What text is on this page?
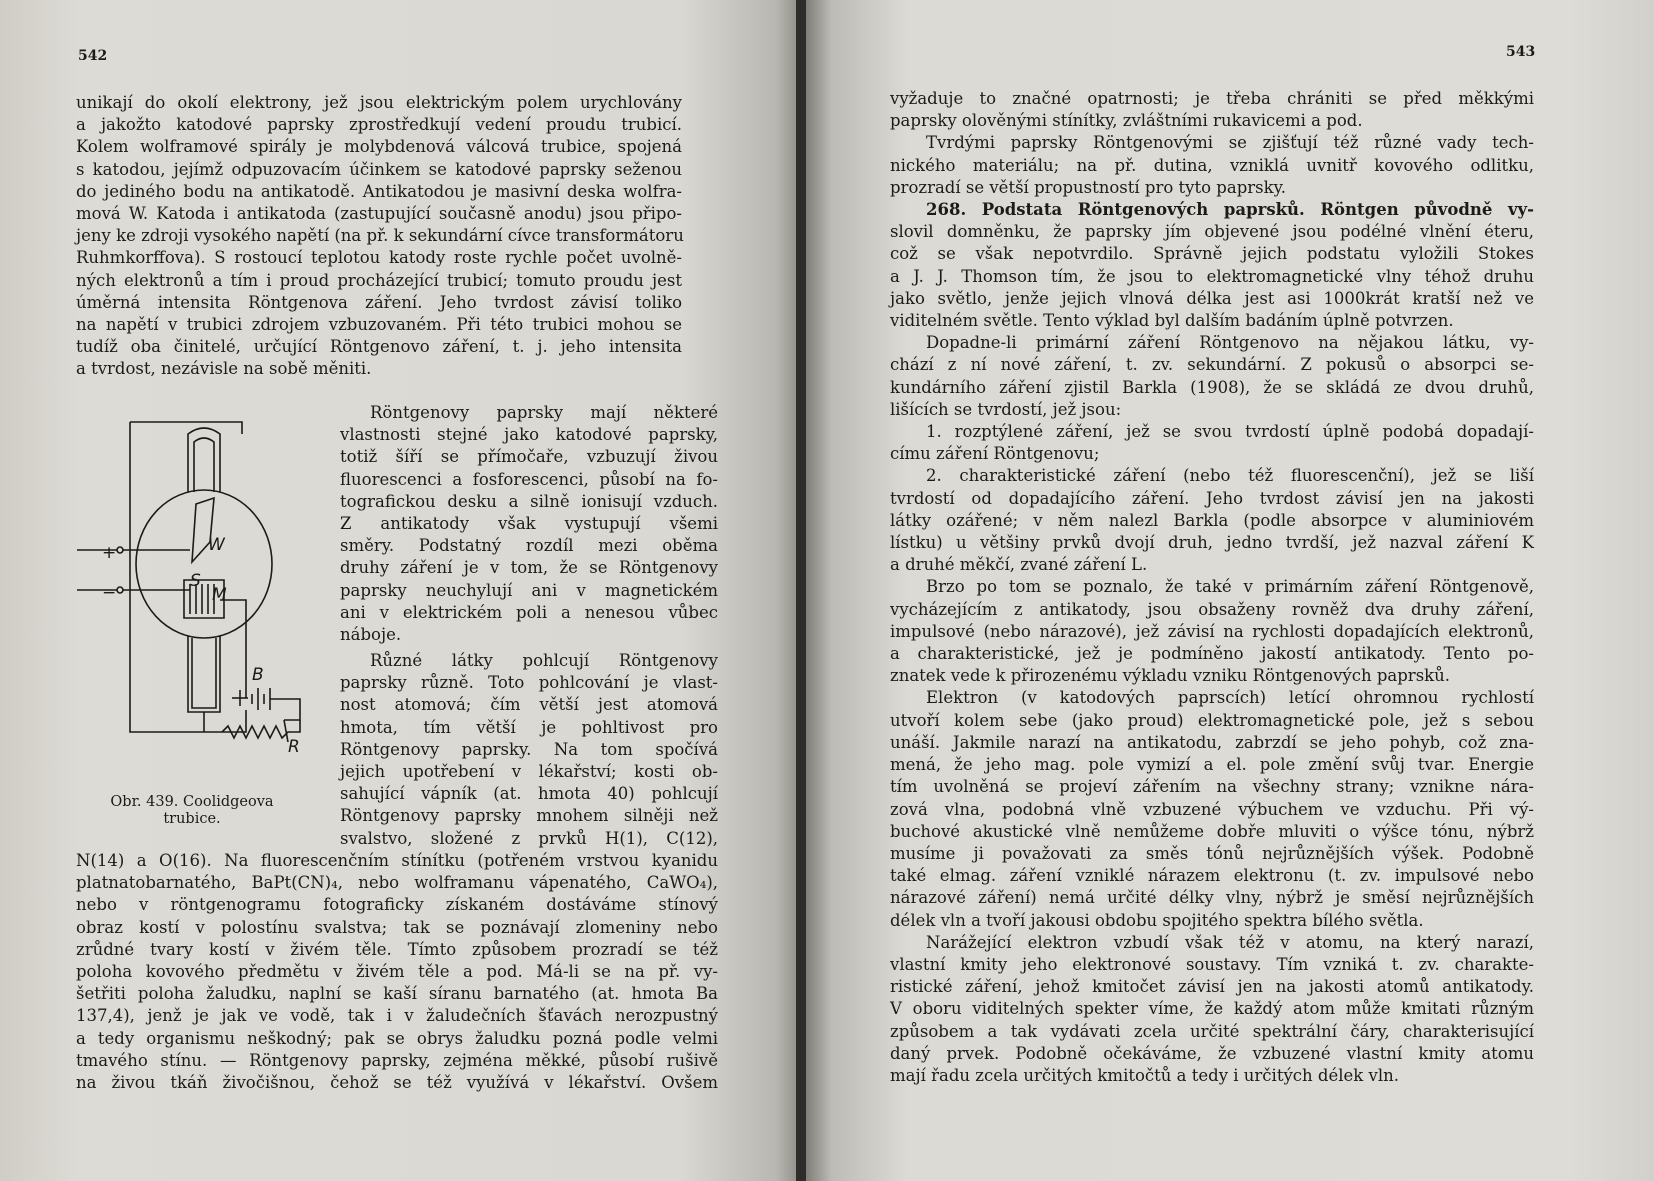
542
unikají do okolí elektrony, jež jsou elektrickým polem urychlovány
a jakožto katodové paprsky zprostředkují vedení proudu trubicí.
Kolem wolframové spirály je molybdenová válcová trubice, spojená
s katodou, jejímž odpuzovacím účinkem se katodové paprsky seženou
do jediného bodu na antikatodě. Antikatodou je masivní deska wolfra-
mová W. Katoda i antikatoda (zastupující současně anodu) jsou připo-
jeny ke zdroji vysokého napětí (na př. k sekundární cívce transformátoru
Ruhmkorffova). S rostoucí teplotou katody roste rychle počet uvolně-
ných elektronů a tím i proud procházející trubicí; tomuto proudu jest
úměrná intensita Röntgenova záření. Jeho tvrdost závisí toliko
na napětí v trubici zdrojem vzbuzovaném. Při této trubici mohou se
tudíž oba činitelé, určující Röntgenovo záření, t. j. jeho intensita
a tvrdost, nezávisle na sobě měniti.
W
S
M
B
R
+
−
Obr. 439. Coolidgeova
trubice.
Röntgenovy paprsky mají některé
vlastnosti stejné jako katodové paprsky,
totiž šíří se přímočaře, vzbuzují živou
fluorescenci a fosforescenci, působí na fo-
tografickou desku a silně ionisují vzduch.
Z antikatody však vystupují všemi
směry. Podstatný rozdíl mezi oběma
druhy záření je v tom, že se Röntgenovy
paprsky neuchylují ani v magnetickém
ani v elektrickém poli a nenesou vůbec
náboje.
Různé látky pohlcují Röntgenovy
paprsky různě. Toto pohlcování je vlast-
nost atomová; čím větší jest atomová
hmota, tím větší je pohltivost pro
Röntgenovy paprsky. Na tom spočívá
jejich upotřebení v lékařství; kosti ob-
sahující vápník (at. hmota 40) pohlcují
Röntgenovy paprsky mnohem silněji než
svalstvo, složené z prvků H(1), C(12),
N(14) a O(16). Na fluorescenčním stínítku (potřeném vrstvou kyanidu
platnatobarnatého, BaPt(CN)₄, nebo wolframanu vápenatého, CaWO₄),
nebo v röntgenogramu fotograficky získaném dostáváme stínový
obraz kostí v polostínu svalstva; tak se poznávají zlomeniny nebo
zrůdné tvary kostí v živém těle. Tímto způsobem prozradí se též
poloha kovového předmětu v živém těle a pod. Má-li se na př. vy-
šetřiti poloha žaludku, naplní se kaší síranu barnatého (at. hmota Ba
137,4), jenž je jak ve vodě, tak i v žaludečních šťavách nerozpustný
a tedy organismu neškodný; pak se obrys žaludku pozná podle velmi
tmavého stínu. — Röntgenovy paprsky, zejména měkké, působí rušivě
na živou tkáň živočišnou, čehož se též využívá v lékařství. Ovšem
543
vyžaduje to značné opatrnosti; je třeba chrániti se před měkkými
paprsky olověnými stínítky, zvláštními rukavicemi a pod.
Tvrdými paprsky Röntgenovými se zjišťují též různé vady tech-
nického materiálu; na př. dutina, vzniklá uvnitř kovového odlitku,
prozradí se větší propustností pro tyto paprsky.
268. Podstata Röntgenových paprsků. Röntgen původně vy-
slovil domněnku, že paprsky jím objevené jsou podélné vlnění éteru,
což se však nepotvrdilo. Správně jejich podstatu vyložili Stokes
a J. J. Thomson tím, že jsou to elektromagnetické vlny téhož druhu
jako světlo, jenže jejich vlnová délka jest asi 1000krát kratší než ve
viditelném světle. Tento výklad byl dalším badáním úplně potvrzen.
Dopadne-li primární záření Röntgenovo na nějakou látku, vy-
chází z ní nové záření, t. zv. sekundární. Z pokusů o absorpci se-
kundárního záření zjistil Barkla (1908), že se skládá ze dvou druhů,
lišících se tvrdostí, jež jsou:
1. rozptýlené záření, jež se svou tvrdostí úplně podobá dopadají-
címu záření Röntgenovu;
2. charakteristické záření (nebo též fluorescenční), jež se liší
tvrdostí od dopadajícího záření. Jeho tvrdost závisí jen na jakosti
látky ozářené; v něm nalezl Barkla (podle absorpce v aluminiovém
lístku) u většiny prvků dvojí druh, jedno tvrdší, jež nazval záření K
a druhé měkčí, zvané záření L.
Brzo po tom se poznalo, že také v primárním záření Röntgenově,
vycházejícím z antikatody, jsou obsaženy rovněž dva druhy záření,
impulsové (nebo nárazové), jež závisí na rychlosti dopadajících elektronů,
a charakteristické, jež je podmíněno jakostí antikatody. Tento po-
znatek vede k přirozenému výkladu vzniku Röntgenových paprsků.
Elektron (v katodových paprscích) letící ohromnou rychlostí
utvoří kolem sebe (jako proud) elektromagnetické pole, jež s sebou
unáší. Jakmile narazí na antikatodu, zabrzdí se jeho pohyb, což zna-
mená, že jeho mag. pole vymizí a el. pole změní svůj tvar. Energie
tím uvolněná se projeví zářením na všechny strany; vznikne nára-
zová vlna, podobná vlně vzbuzené výbuchem ve vzduchu. Při vý-
buchové akustické vlně nemůžeme dobře mluviti o výšce tónu, nýbrž
musíme ji považovati za směs tónů nejrůznějších výšek. Podobně
také elmag. záření vzniklé nárazem elektronu (t. zv. impulsové nebo
nárazové záření) nemá určité délky vlny, nýbrž je směsí nejrůznějších
délek vln a tvoří jakousi obdobu spojitého spektra bílého světla.
Narážející elektron vzbudí však též v atomu, na který narazí,
vlastní kmity jeho elektronové soustavy. Tím vzniká t. zv. charakte-
ristické záření, jehož kmitočet závisí jen na jakosti atomů antikatody.
V oboru viditelných spekter víme, že každý atom může kmitati různým
způsobem a tak vydávati zcela určité spektrální čáry, charakterisující
daný prvek. Podobně očekáváme, že vzbuzené vlastní kmity atomu
mají řadu zcela určitých kmitočtů a tedy i určitých délek vln.
